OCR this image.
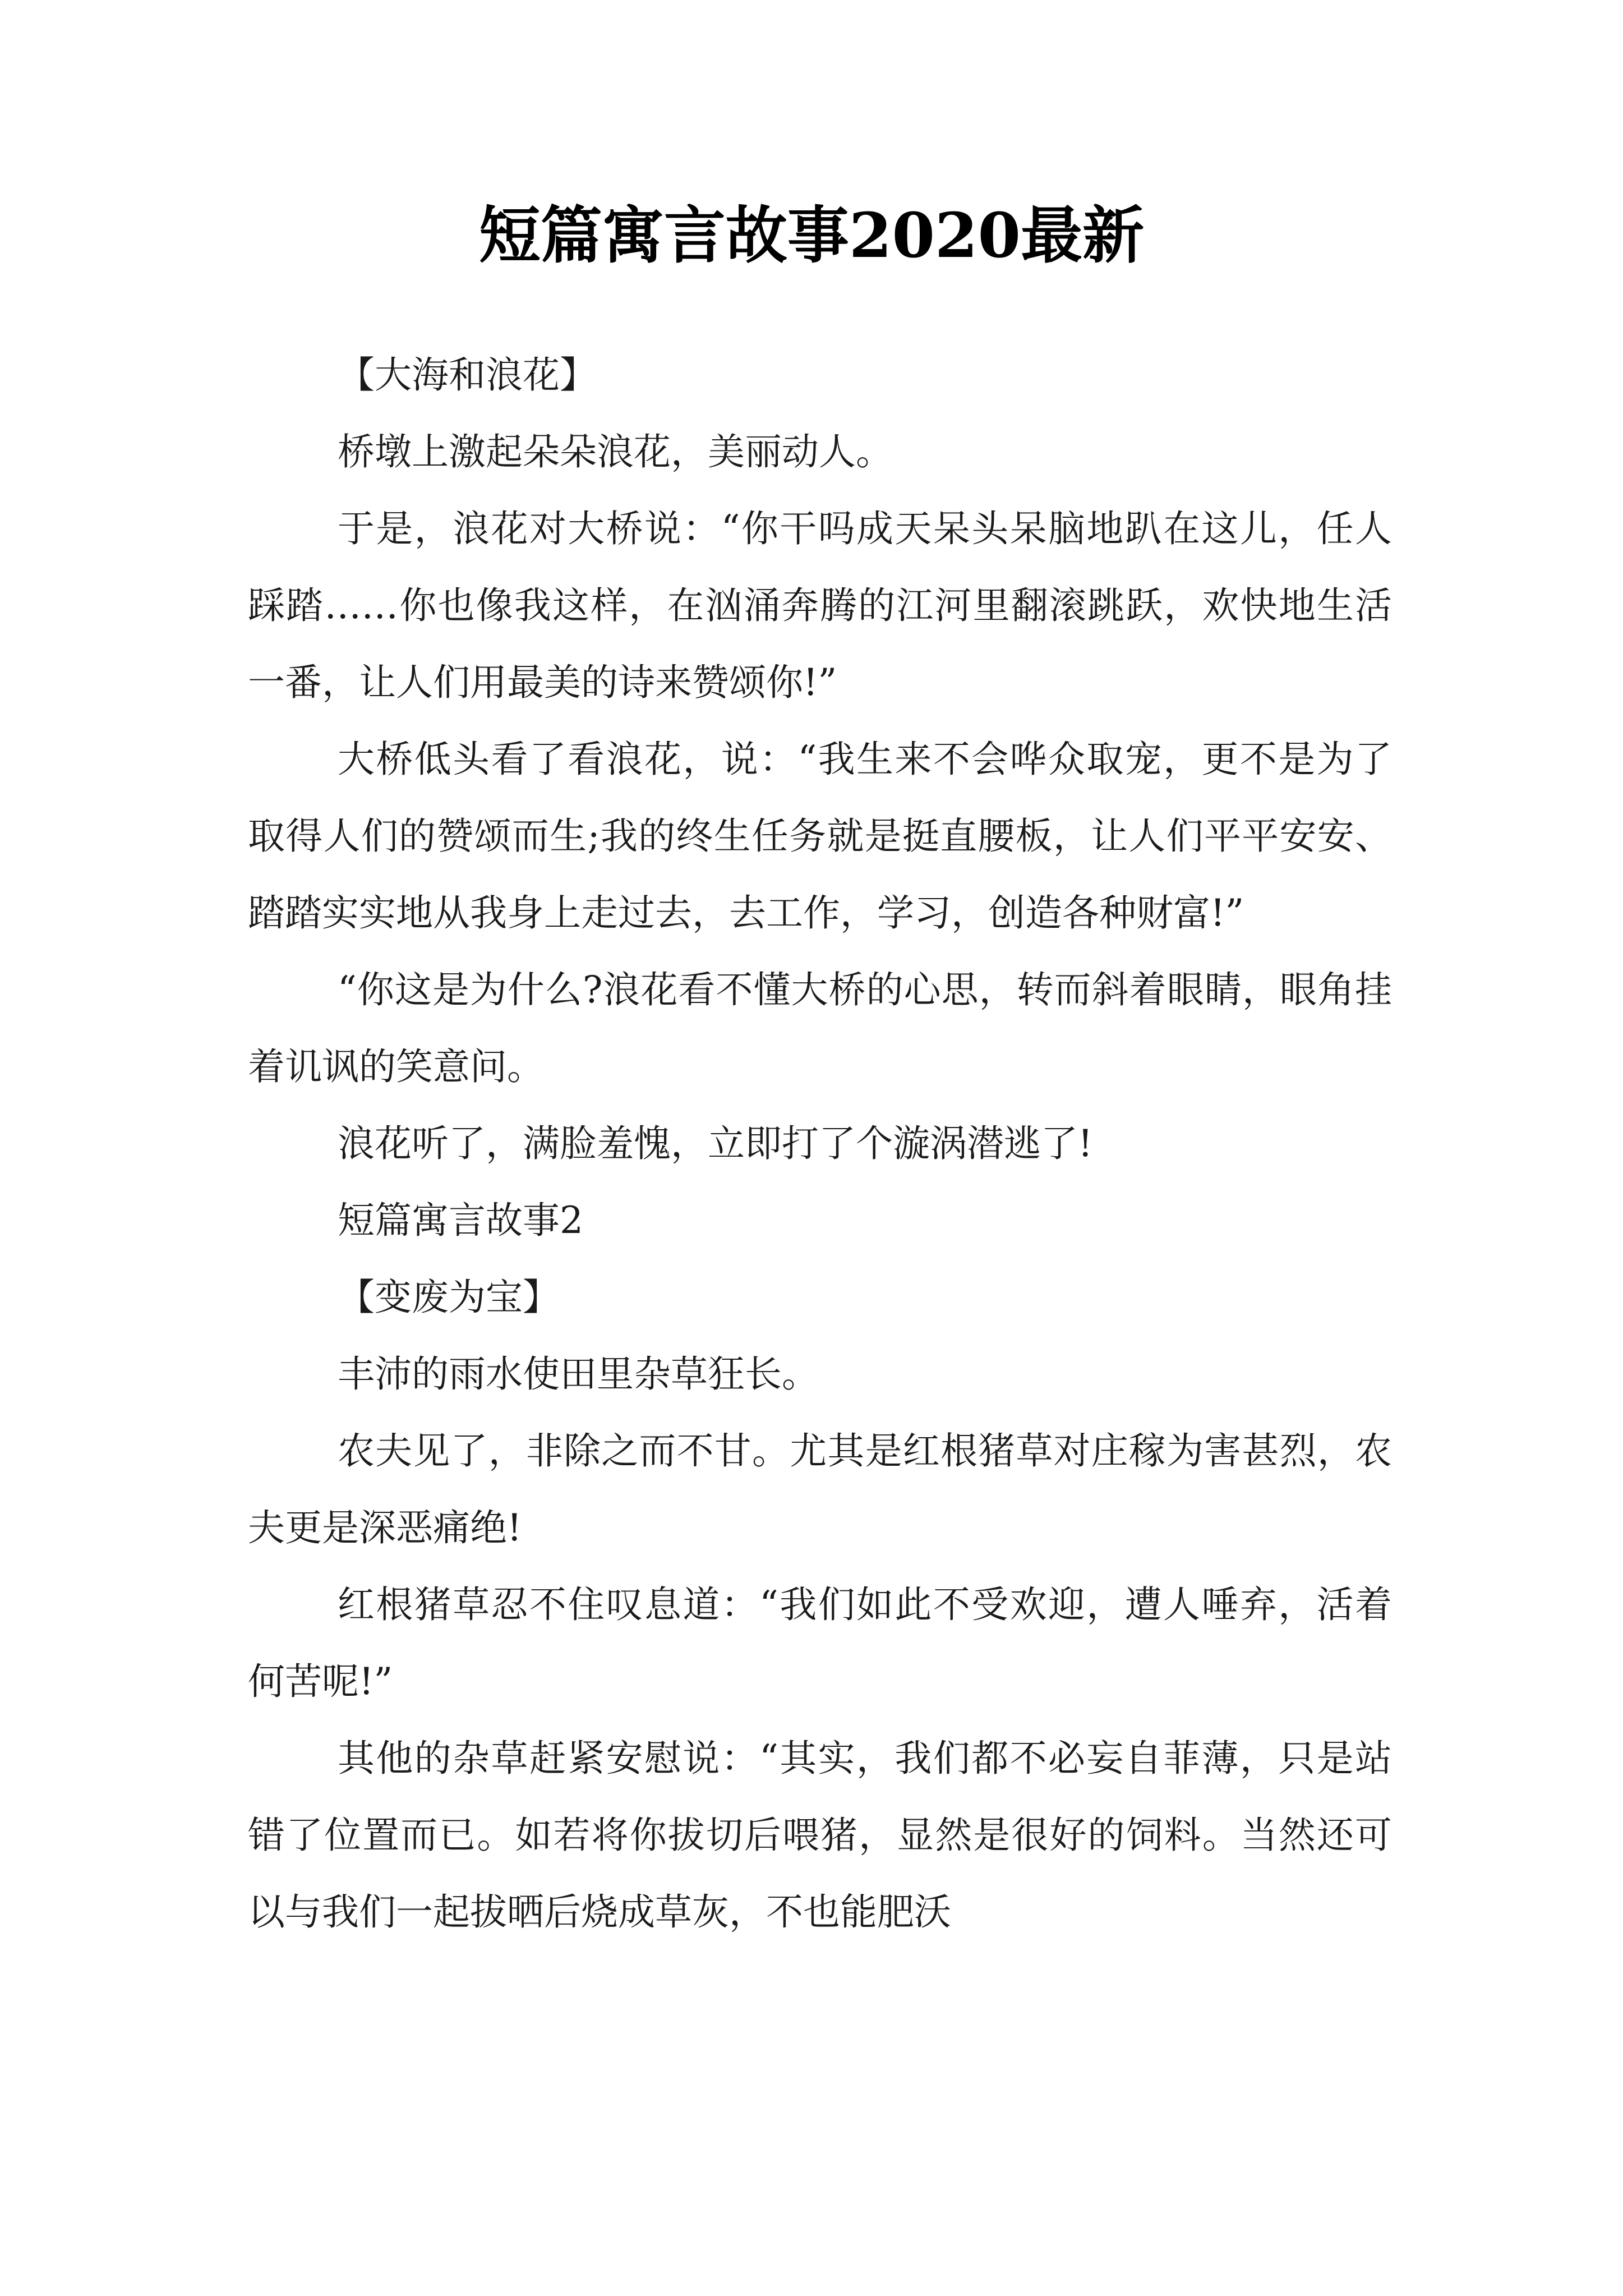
短篇寓言故事2020最新

【大海和浪花】

桥墩上激起朵朵浪花，美丽动人。

于是，浪花对大桥说：“你干吗成天呆头呆脑地趴在这儿，任人踩踏……你也像我这样，在汹涌奔腾的江河里翻滚跳跃，欢快地生活一番，让人们用最美的诗来赞颂你!”

大桥低头看了看浪花，说：“我生来不会哗众取宠，更不是为了取得人们的赞颂而生;我的终生任务就是挺直腰板，让人们平平安安、踏踏实实地从我身上走过去，去工作，学习，创造各种财富!”

“你这是为什么?浪花看不懂大桥的心思，转而斜着眼睛，眼角挂着讥讽的笑意问。

浪花听了，满脸羞愧，立即打了个漩涡潜逃了!

短篇寓言故事2

【变废为宝】

丰沛的雨水使田里杂草狂长。

农夫见了，非除之而不甘。尤其是红根猪草对庄稼为害甚烈，农夫更是深恶痛绝!

红根猪草忍不住叹息道：“我们如此不受欢迎，遭人唾弃，活着何苦呢!”

其他的杂草赶紧安慰说：“其实，我们都不必妄自菲薄，只是站错了位置而已。如若将你拔切后喂猪，显然是很好的饲料。当然还可以与我们一起拔晒后烧成草灰，不也能肥沃
